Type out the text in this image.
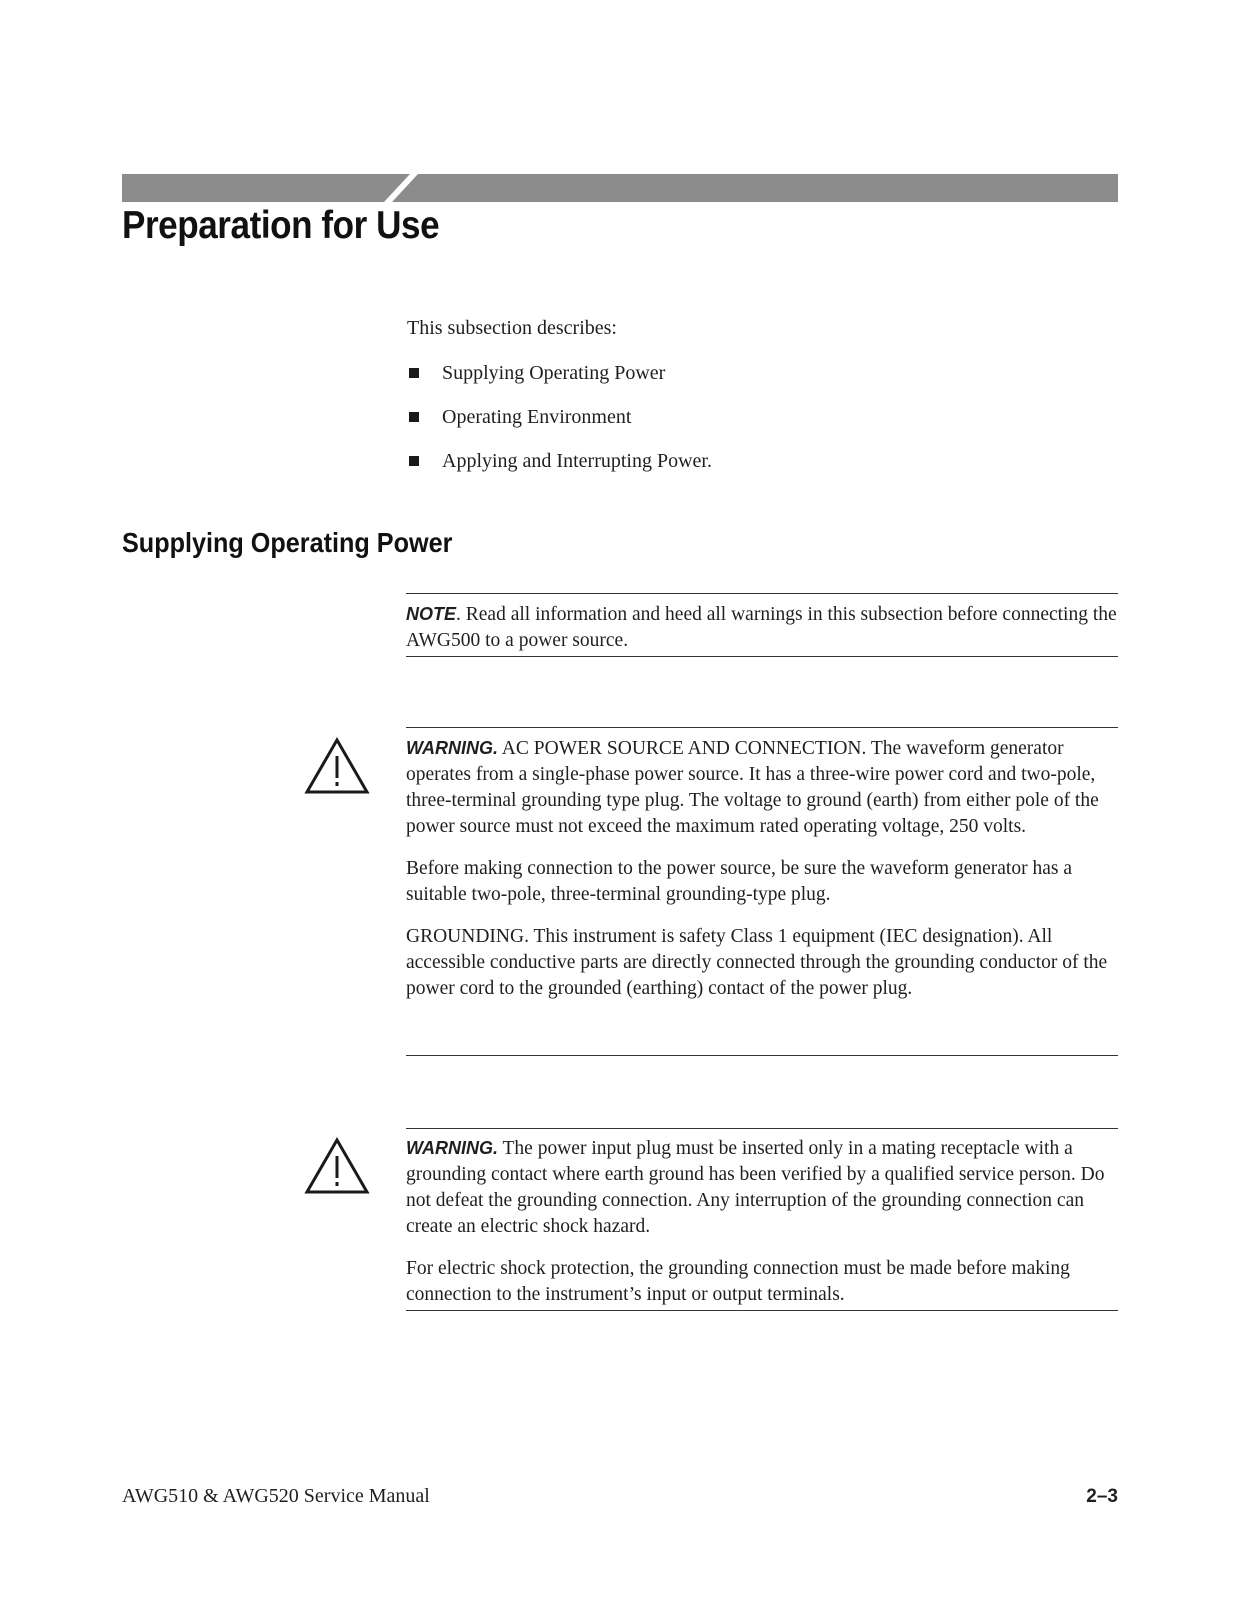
Preparation for Use

This subsection describes:

Supplying Operating Power
Operating Environment
Applying and Interrupting Power.
Supplying Operating Power

NOTE. Read all information and heed all warnings in this subsection before connecting the AWG500 to a power source.

WARNING. AC POWER SOURCE AND CONNECTION. The waveform generator operates from a single-phase power source. It has a three-wire power cord and two-pole, three-terminal grounding type plug. The voltage to ground (earth) from either pole of the power source must not exceed the maximum rated operating voltage, 250 volts.

Before making connection to the power source, be sure the waveform generator has a suitable two-pole, three-terminal grounding-type plug.

GROUNDING. This instrument is safety Class 1 equipment (IEC designation). All accessible conductive parts are directly connected through the grounding conductor of the power cord to the grounded (earthing) contact of the power plug.

WARNING. The power input plug must be inserted only in a mating receptacle with a grounding contact where earth ground has been verified by a qualified service person. Do not defeat the grounding connection. Any interruption of the grounding connection can create an electric shock hazard.

For electric shock protection, the grounding connection must be made before making connection to the instrument’s input or output terminals.

AWG510 & AWG520 Service Manual	2–3
